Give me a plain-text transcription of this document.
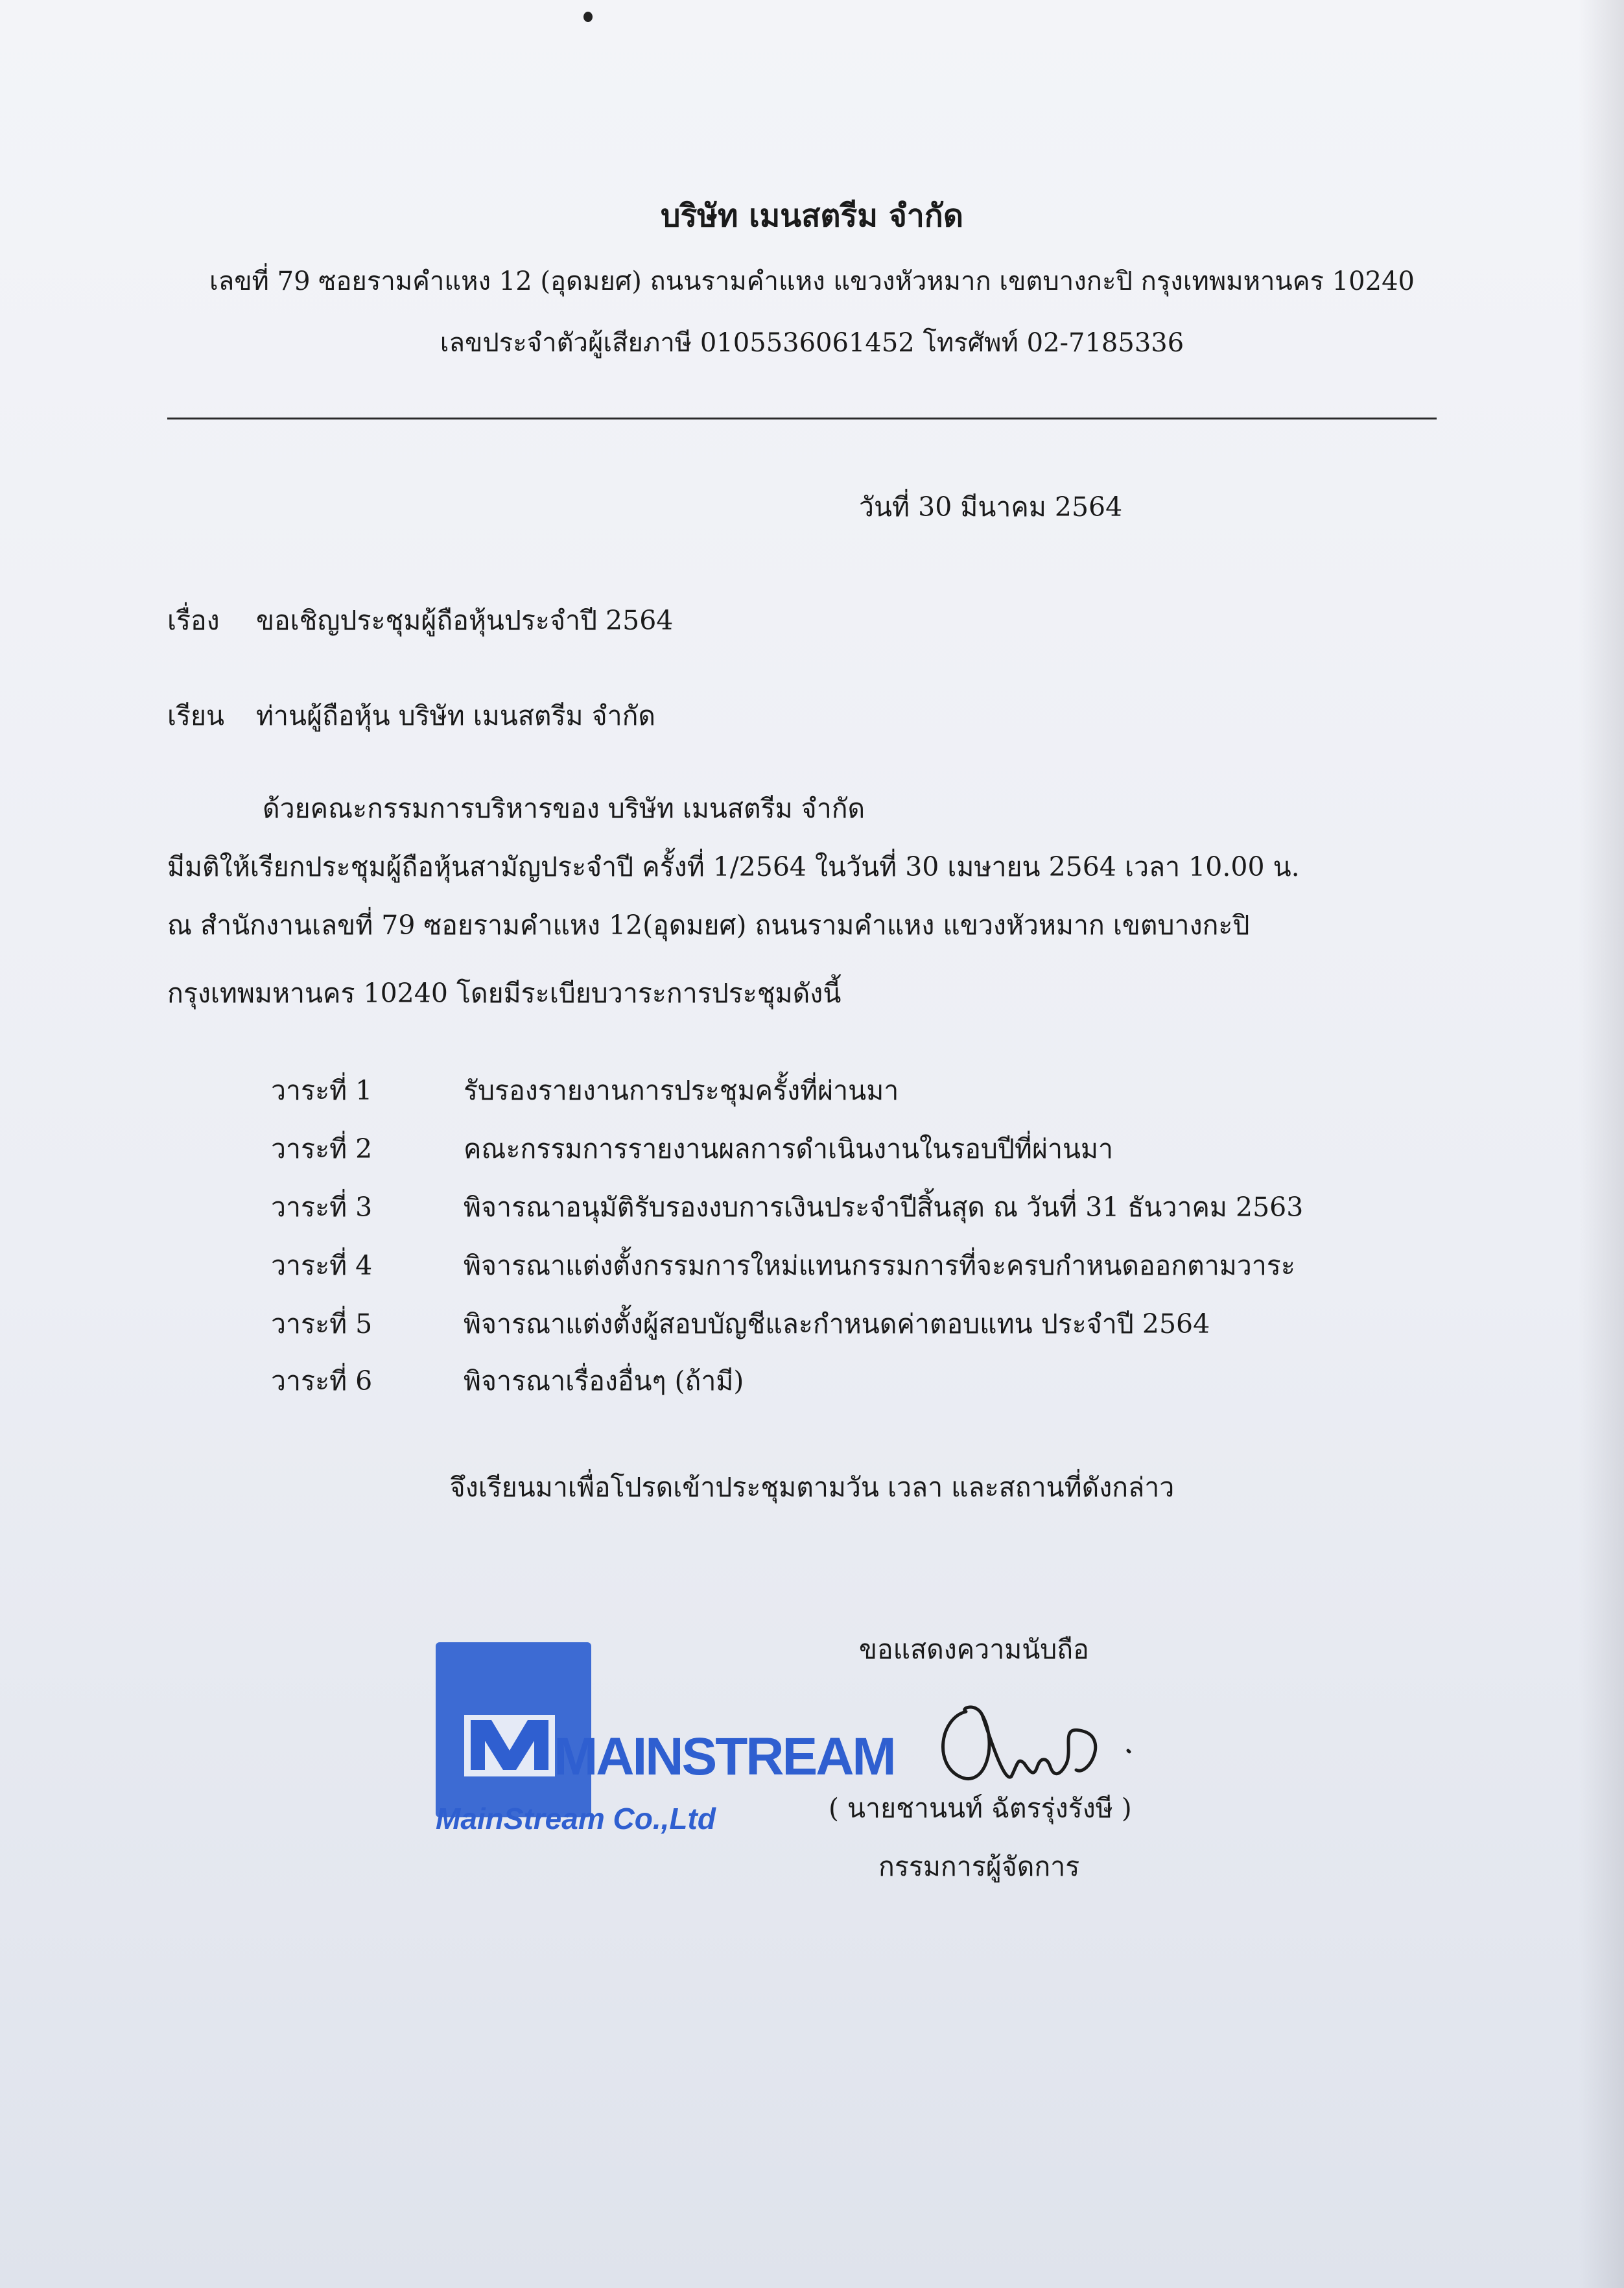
บริษัท เมนสตรีม จำกัด
เลขที่ 79 ซอยรามคำแหง 12 (อุดมยศ) ถนนรามคำแหง แขวงหัวหมาก เขตบางกะปิ กรุงเทพมหานคร 10240
เลขประจำตัวผู้เสียภาษี 0105536061452 โทรศัพท์ 02-7185336
วันที่ 30 มีนาคม 2564
เรื่อง ขอเชิญประชุมผู้ถือหุ้นประจำปี 2564
เรียน ท่านผู้ถือหุ้น บริษัท เมนสตรีม จำกัด
ด้วยคณะกรรมการบริหารของ บริษัท เมนสตรีม จำกัด
มีมติให้เรียกประชุมผู้ถือหุ้นสามัญประจำปี ครั้งที่ 1/2564 ในวันที่ 30 เมษายน 2564 เวลา 10.00 น.
ณ สำนักงานเลขที่ 79 ซอยรามคำแหง 12(อุดมยศ) ถนนรามคำแหง แขวงหัวหมาก เขตบางกะปิ
กรุงเทพมหานคร 10240 โดยมีระเบียบวาระการประชุมดังนี้
วาระที่ 1	รับรองรายงานการประชุมครั้งที่ผ่านมา
วาระที่ 2	คณะกรรมการรายงานผลการดำเนินงานในรอบปีที่ผ่านมา
วาระที่ 3	พิจารณาอนุมัติรับรองงบการเงินประจำปีสิ้นสุด ณ วันที่ 31 ธันวาคม 2563
วาระที่ 4	พิจารณาแต่งตั้งกรรมการใหม่แทนกรรมการที่จะครบกำหนดออกตามวาระ
วาระที่ 5	พิจารณาแต่งตั้งผู้สอบบัญชีและกำหนดค่าตอบแทน ประจำปี 2564
วาระที่ 6	พิจารณาเรื่องอื่นๆ (ถ้ามี)
จึงเรียนมาเพื่อโปรดเข้าประชุมตามวัน เวลา และสถานที่ดังกล่าว
ขอแสดงความนับถือ
MAINSTREAM
MainStream Co.,Ltd	( นายชานนท์ ฉัตรรุ่งรังษี )
กรรมการผู้จัดการ
